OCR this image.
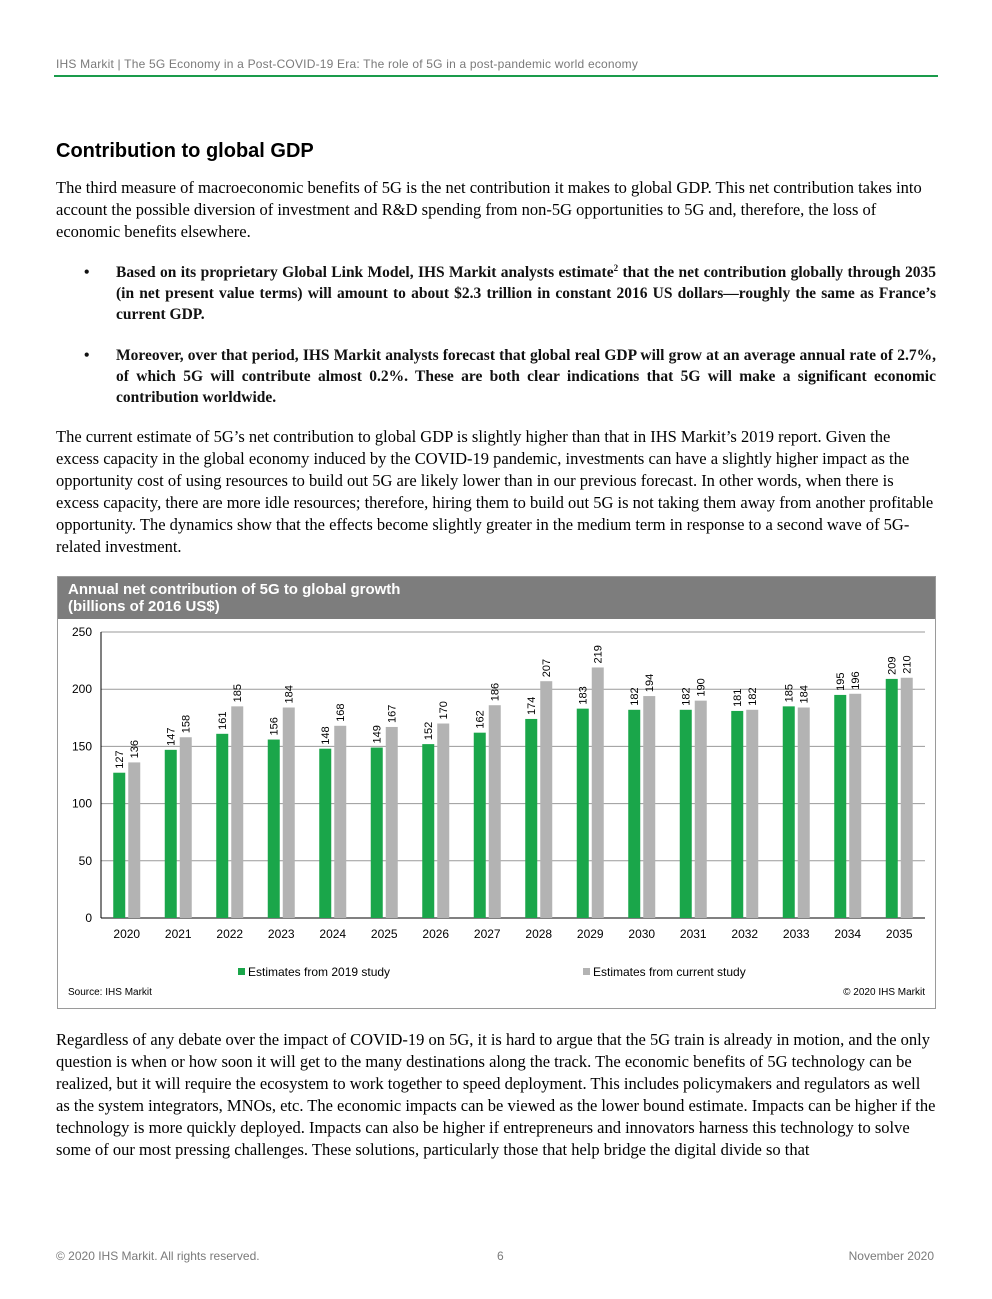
IHS Markit | The 5G Economy in a Post-COVID-19 Era: The role of 5G in a post-pandemic world economy
Contribution to global GDP

The third measure of macroeconomic benefits of 5G is the net contribution it makes to global GDP. This net contribution takes into account the possible diversion of investment and R&D spending from non-5G opportunities to 5G and, therefore, the loss of economic benefits elsewhere.

• Based on its proprietary Global Link Model, IHS Markit analysts estimate$^2$ that the net contribution globally through 2035 (in net present value terms) will amount to about $2.3 trillion in constant 2016 US dollars—roughly the same as France’s current GDP.
• Moreover, over that period, IHS Markit analysts forecast that global real GDP will grow at an average annual rate of 2.7%, of which 5G will contribute almost 0.2%. These are both clear indications that 5G will make a significant economic contribution worldwide.

The current estimate of 5G’s net contribution to global GDP is slightly higher than that in IHS Markit’s 2019 report. Given the excess capacity in the global economy induced by the COVID-19 pandemic, investments can have a slightly higher impact as the opportunity cost of using resources to build out 5G are likely lower than in our previous forecast. In other words, when there is excess capacity, there are more idle resources; therefore, hiring them to build out 5G is not taking them away from another profitable opportunity. The dynamics show that the effects become slightly greater in the medium term in response to a second wave of 5G-related investment.

Annual net contribution of 5G to global growth
(billions of 2016 US$)

0
50
100
150
200
250
127
136
2020
147
158
2021
161
185
2022
156
184
2023
148
168
2024
149
167
2025
152
170
2026
162
186
2027
174
207
2028
183
219
2029
182
194
2030
182 190
2031
181 182
2032
185 184
2033
195 196
2034
209 210
2035
Estimates from 2019 study	Estimates from current study
Source: IHS Markit	© 2020 IHS Markit

Regardless of any debate over the impact of COVID-19 on 5G, it is hard to argue that the 5G train is already in motion, and the only question is when or how soon it will get to the many destinations along the track. The economic benefits of 5G technology can be realized, but it will require the ecosystem to work together to speed deployment. This includes policymakers and regulators as well as the system integrators, MNOs, etc. The economic impacts can be viewed as the lower bound estimate. Impacts can be higher if the technology is more quickly deployed. Impacts can also be higher if entrepreneurs and innovators harness this technology to solve some of our most pressing challenges. These solutions, particularly those that help bridge the digital divide so that

© 2020 IHS Markit. All rights reserved.	6	November 2020
